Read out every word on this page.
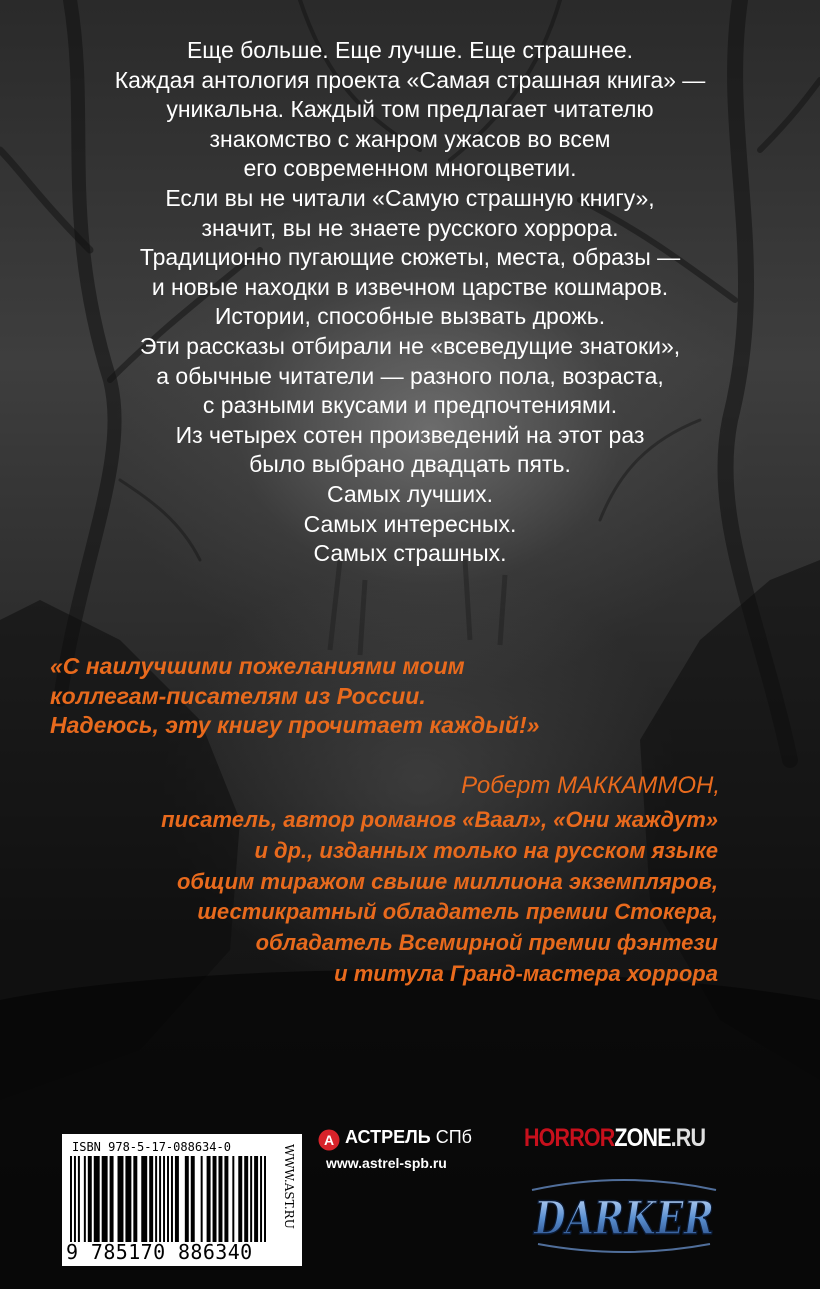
Еще больше. Еще лучше. Еще страшнее.
Каждая антология проекта «Самая страшная книга» —
уникальна. Каждый том предлагает читателю
знакомство с жанром ужасов во всем
его современном многоцветии.
Если вы не читали «Самую страшную книгу»,
значит, вы не знаете русского хоррора.
Традиционно пугающие сюжеты, места, образы —
и новые находки в извечном царстве кошмаров.
Истории, способные вызвать дрожь.
Эти рассказы отбирали не «всеведущие знатоки»,
а обычные читатели — разного пола, возраста,
с разными вкусами и предпочтениями.
Из четырех сотен произведений на этот раз
было выбрано двадцать пять.
Самых лучших.
Самых интересных.
Самых страшных.
«С наилучшими пожеланиями моим
коллегам-писателям из России.
Надеюсь, эту книгу прочитает каждый!»
Роберт МАККАММОН,
писатель, автор романов «Ваал», «Они жаждут»
и др., изданных только на русском языке
общим тиражом свыше миллиона экземпляров,
шестикратный обладатель премии Стокера,
обладатель Всемирной премии фэнтези
и титула Гранд-мастера хоррора
ISBN 978-5-17-088634-0
9 785170 886340
WWW.AST.RU
А АСТРЕЛЬ СПб
www.astrel-spb.ru
HORRORZONE.RU
DARKER
